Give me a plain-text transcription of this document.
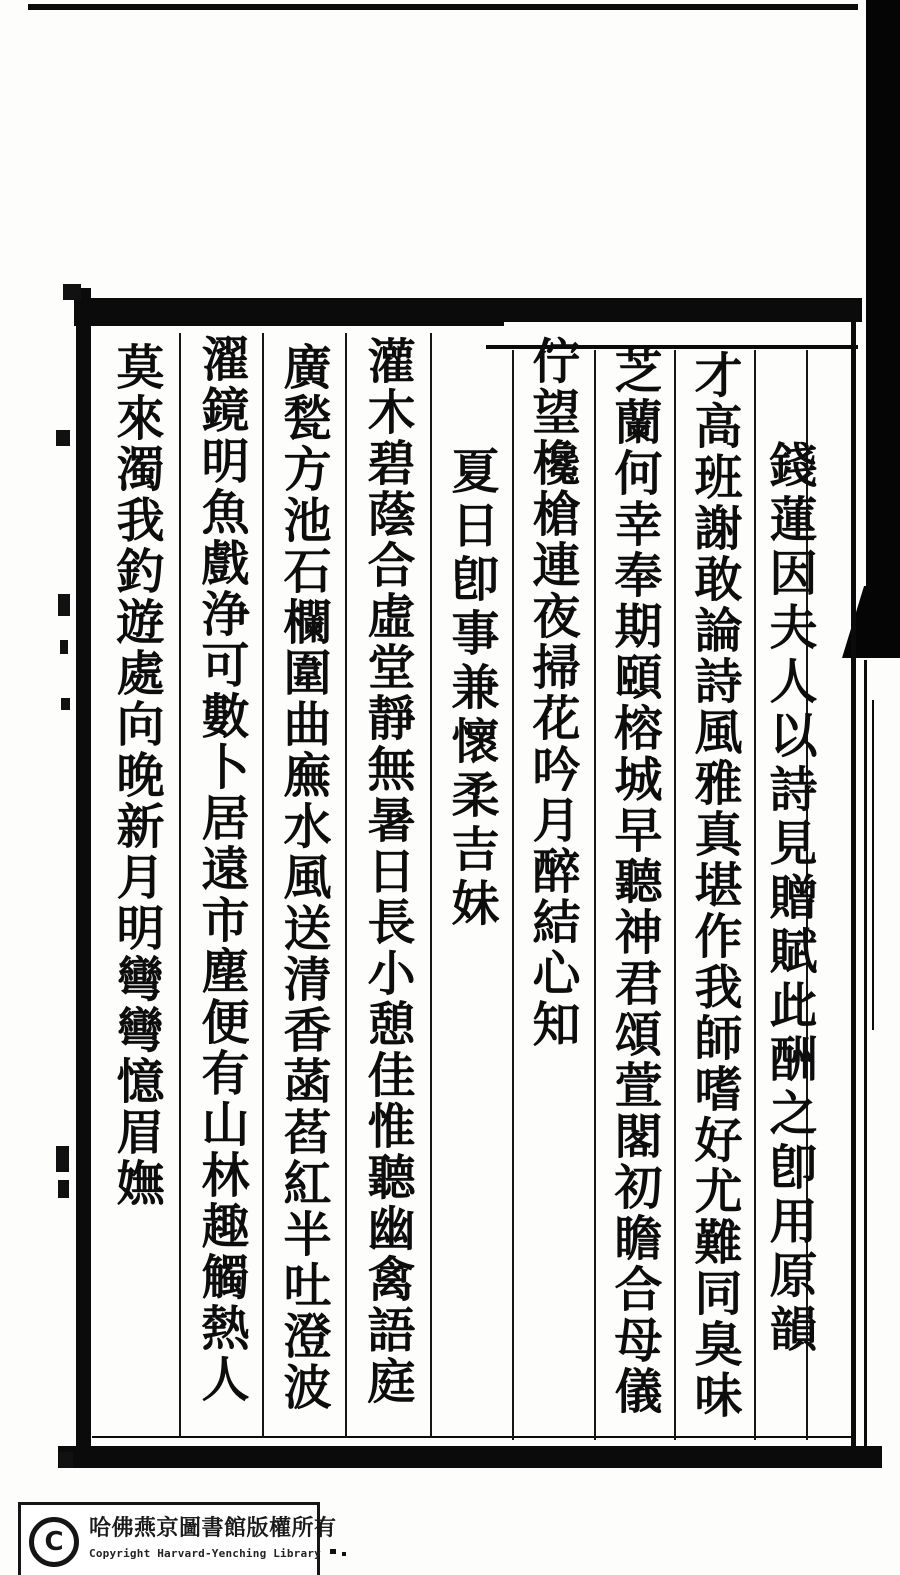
錢蓮因夫人以詩見贈賦此酬之卽用原韻
才高班謝敢論詩風雅真堪作我師嗜好尤難同臭味
芝蘭何幸奉期頤榕城早聽神君頌萱閣初瞻合母儀
佇望欃槍連夜掃花吟月醉結心知
夏日卽事兼懷柔吉妹
灌木碧蔭合虛堂靜無暑日長小憩佳惟聽幽禽語庭
廣甃方池石欄圍曲廡水風送清香菡萏紅半吐澄波
濯鏡明魚戲浄可數卜居遠市塵便有山林趣觸熱人
莫來濁我釣遊處向晚新月明彎彎憶眉嫵
C 哈佛燕京圖書館版權所有
Copyright Harvard-Yenching Library
